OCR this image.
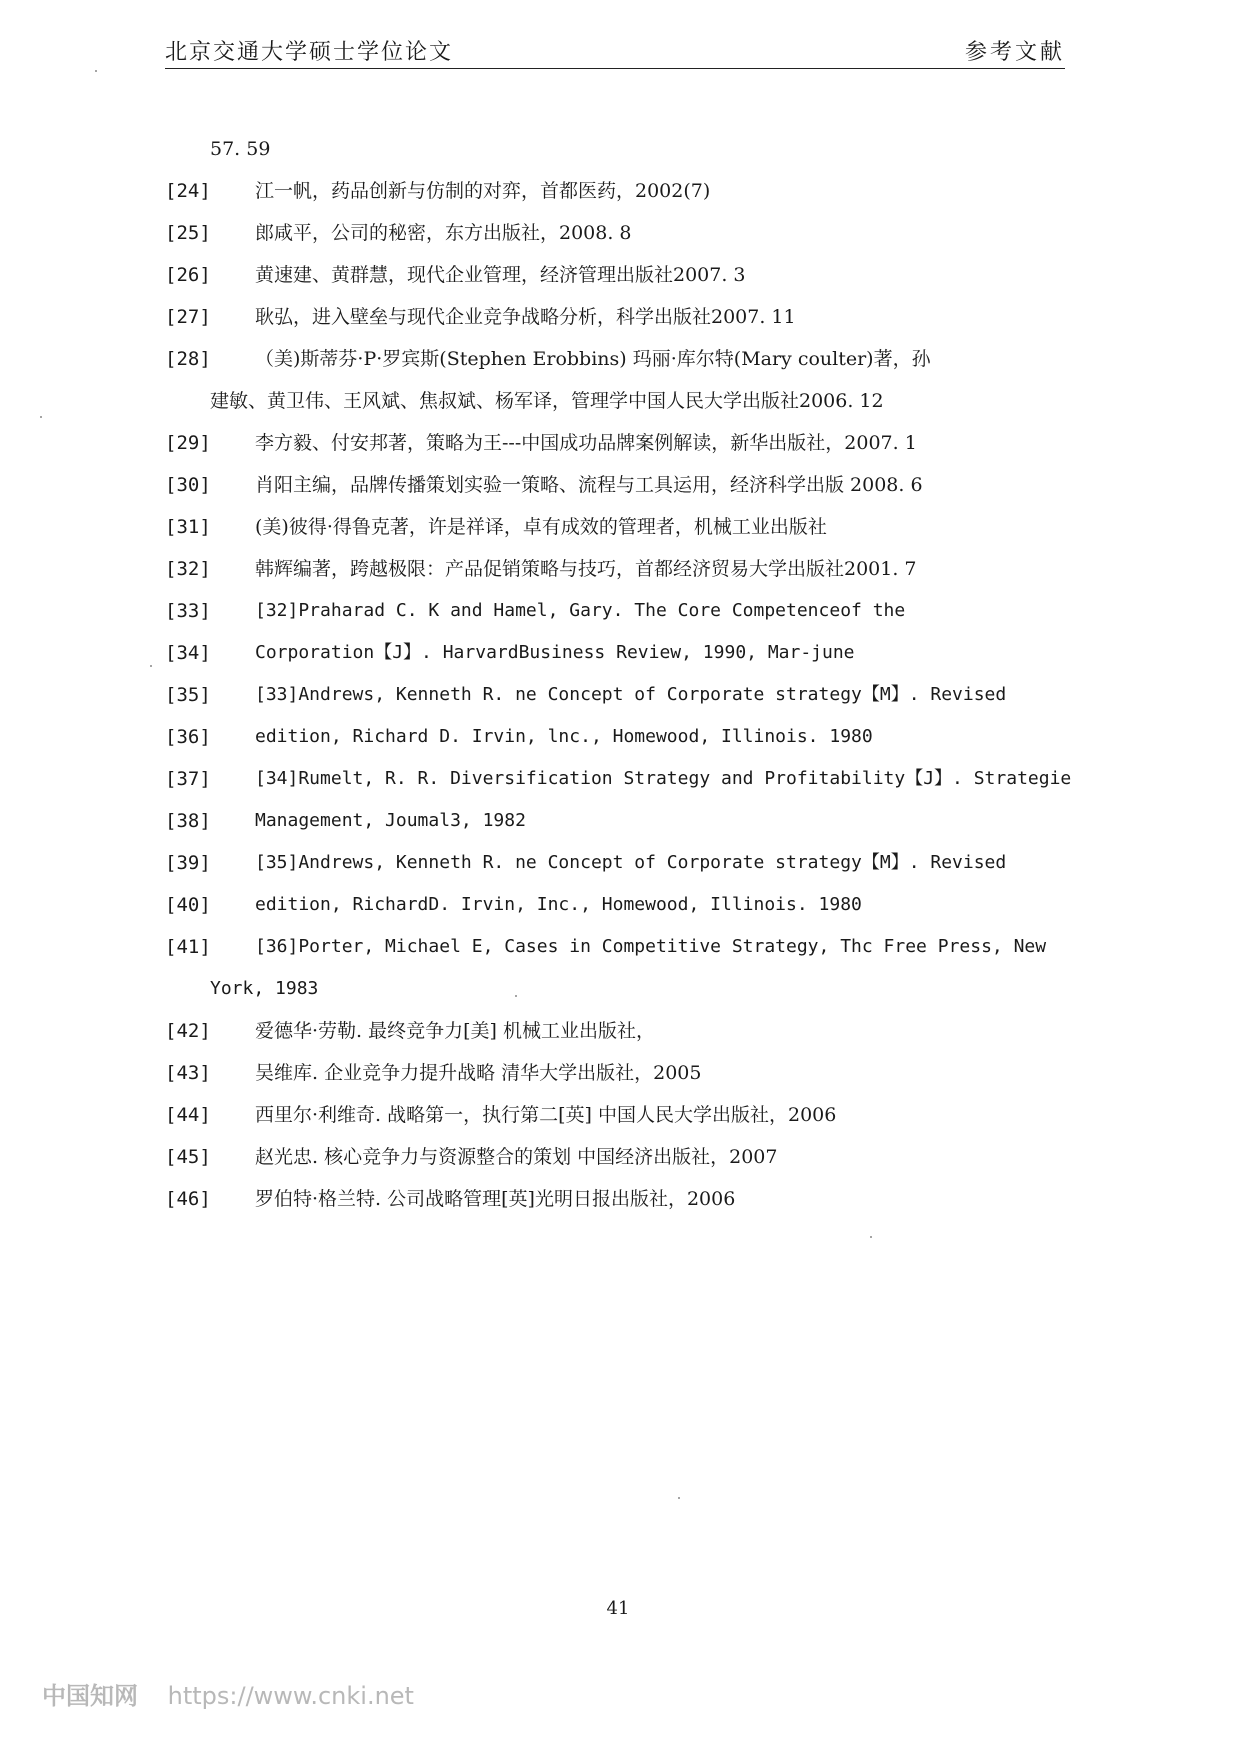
北京交通大学硕士学位论文	参考文献
57. 59
[24] 江一帆，药品创新与仿制的对弈，首都医药，2002(7)
[25] 郎咸平，公司的秘密，东方出版社，2008. 8
[26] 黄速建、黄群慧，现代企业管理，经济管理出版社2007. 3
[27] 耿弘，进入壁垒与现代企业竞争战略分析，科学出版社2007. 11
[28] （美)斯蒂芬·P·罗宾斯(Stephen Erobbins) 玛丽·库尔特(Mary coulter)著，孙
建敏、黄卫伟、王风斌、焦叔斌、杨军译，管理学中国人民大学出版社2006. 12
[29] 李方毅、付安邦著，策略为王---中国成功品牌案例解读，新华出版社，2007. 1
[30] 肖阳主编，品牌传播策划实验一策略、流程与工具运用，经济科学出版 2008. 6
[31] (美)彼得·得鲁克著，许是祥译，卓有成效的管理者，机械工业出版社
[32] 韩辉编著，跨越极限：产品促销策略与技巧，首都经济贸易大学出版社2001. 7
[33] [32]Praharad C. K and Hamel, Gary. The Core Competenceof the
[34] Corporation【J】. HarvardBusiness Review, 1990, Mar-june
[35] [33]Andrews, Kenneth R. ne Concept of Corporate strategy【M】. Revised
[36] edition, Richard D. Irvin, lnc., Homewood, Illinois. 1980
[37] [34]Rumelt, R. R. Diversification Strategy and Profitability【J】. Strategie
[38] Management, Joumal3, 1982
[39] [35]Andrews, Kenneth R. ne Concept of Corporate strategy【M】. Revised
[40] edition, RichardD. Irvin, Inc., Homewood, Illinois. 1980
[41] [36]Porter, Michael E, Cases in Competitive Strategy, Thc Free Press, New
York, 1983
[42] 爱德华·劳勒. 最终竞争力[美] 机械工业出版社，
[43] 吴维库. 企业竞争力提升战略 清华大学出版社，2005
[44] 西里尔·利维奇. 战略第一，执行第二[英] 中国人民大学出版社，2006
[45] 赵光忠. 核心竞争力与资源整合的策划 中国经济出版社，2007
[46] 罗伯特·格兰特. 公司战略管理[英]光明日报出版社，2006
41
中国知网 https://www.cnki.net
